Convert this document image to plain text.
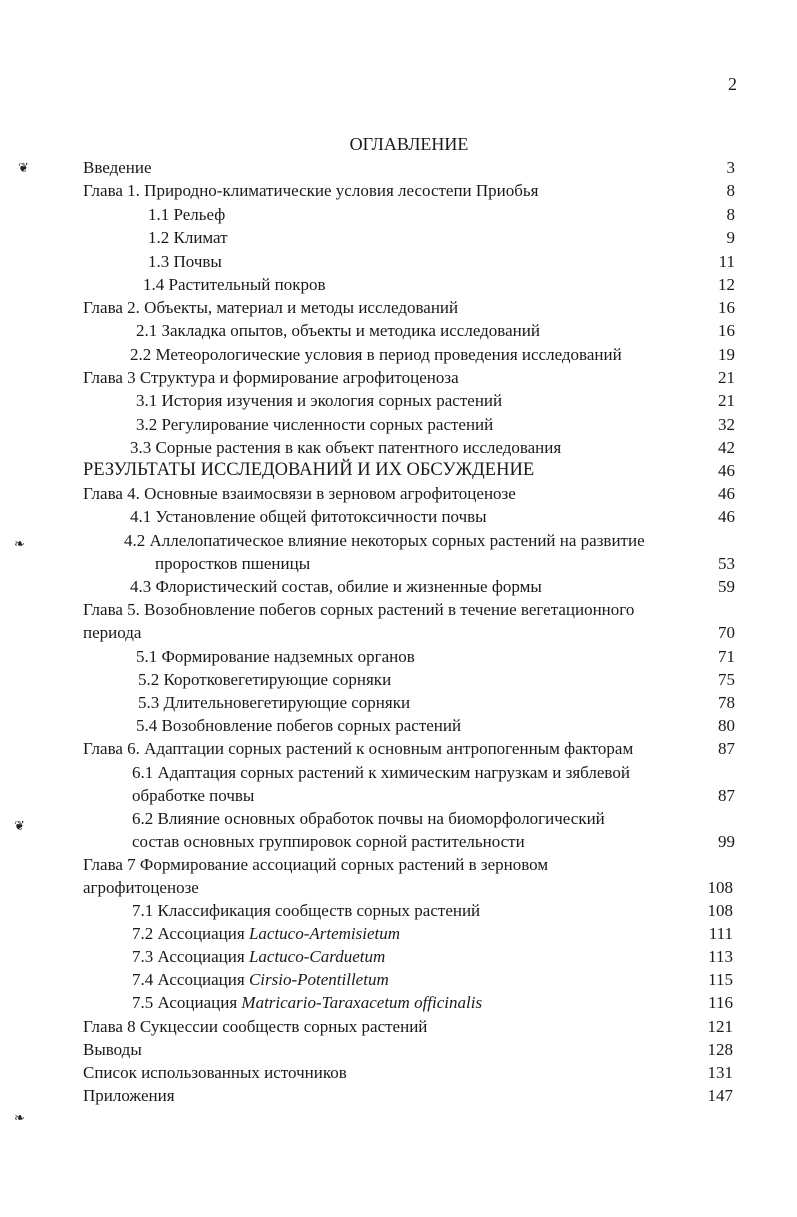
2
ОГЛАВЛЕНИЕ
❦
❧
❦
❧
Введение	3
Глава 1. Природно-климатические условия лесостепи Приобья	8
1.1 Рельеф	8
1.2 Климат	9
1.3 Почвы	11
1.4 Растительный покров	12
Глава 2. Объекты, материал и методы исследований	16
2.1 Закладка опытов, объекты и методика исследований	16
2.2 Метеорологические условия в период проведения исследований	19
Глава 3 Структура и формирование агрофитоценоза	21
3.1 История изучения и экология сорных растений	21
3.2 Регулирование численности сорных растений	32
3.3 Сорные растения в как объект патентного исследования	42
РЕЗУЛЬТАТЫ ИССЛЕДОВАНИЙ И ИХ ОБСУЖДЕНИЕ	46
Глава 4. Основные взаимосвязи в зерновом агрофитоценозе	46
4.1 Установление общей фитотоксичности почвы	46
4.2 Аллелопатическое влияние некоторых сорных растений на развитие
проростков пшеницы	53
4.3 Флористический состав, обилие и жизненные формы	59
Глава 5. Возобновление побегов сорных растений в течение вегетационного
периода	70
5.1 Формирование надземных органов	71
5.2 Коротковегетирующие сорняки	75
5.3 Длительновегетирующие сорняки	78
5.4 Возобновление побегов сорных растений	80
Глава 6. Адаптации сорных растений к основным антропогенным факторам	87
6.1 Адаптация сорных растений к химическим нагрузкам и зяблевой
обработке почвы	87
6.2 Влияние основных обработок почвы на биоморфологический
состав основных группировок сорной растительности	99
Глава 7 Формирование ассоциаций сорных растений в зерновом
агрофитоценозе	108
7.1 Классификация сообществ сорных растений	108
7.2 Ассоциация Lactuco-Artemisietum	111
7.3 Ассоциация Lactuco-Carduetum	113
7.4 Ассоциация Cirsio-Potentilletum	115
7.5 Асоциация Matricario-Taraxacetum officinalis	116
Глава 8 Сукцессии сообществ сорных растений	121
Выводы	128
Список использованных источников	131
Приложения	147
